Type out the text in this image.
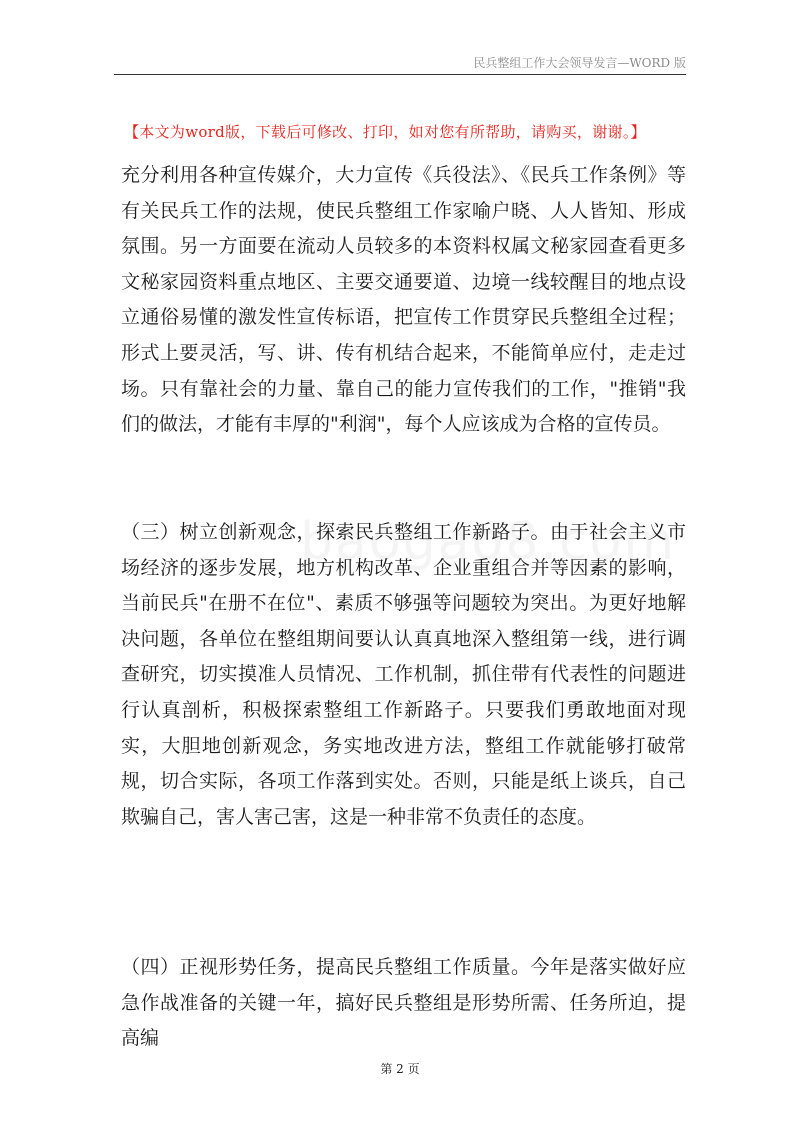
民兵整组工作大会领导发言—WORD 版
【本文为word版，下载后可修改、打印，如对您有所帮助，请购买，谢谢。】

充分利用各种宣传媒介，大力宣传《兵役法》、《民兵工作条例》等有关民兵工作的法规，使民兵整组工作家喻户晓、人人皆知、形成氛围。另一方面要在流动人员较多的本资料权属文秘家园查看更多文秘家园资料重点地区、主要交通要道、边境一线较醒目的地点设立通俗易懂的激发性宣传标语，把宣传工作贯穿民兵整组全过程；形式上要灵活，写、讲、传有机结合起来，不能简单应付，走走过场。只有靠社会的力量、靠自己的能力宣传我们的工作，"推销"我们的做法，才能有丰厚的"利润"，每个人应该成为合格的宣传员。

（三）树立创新观念，探索民兵整组工作新路子。由于社会主义市场经济的逐步发展，地方机构改革、企业重组合并等因素的影响，当前民兵"在册不在位"、素质不够强等问题较为突出。为更好地解决问题，各单位在整组期间要认认真真地深入整组第一线，进行调查研究，切实摸准人员情况、工作机制，抓住带有代表性的问题进行认真剖析，积极探索整组工作新路子。只要我们勇敢地面对现实，大胆地创新观念，务实地改进方法，整组工作就能够打破常规，切合实际，各项工作落到实处。否则，只能是纸上谈兵，自己欺骗自己，害人害己害，这是一种非常不负责任的态度。

（四）正视形势任务，提高民兵整组工作质量。今年是落实做好应急作战准备的关键一年，搞好民兵整组是形势所需、任务所迫，提高编

第 2 页
